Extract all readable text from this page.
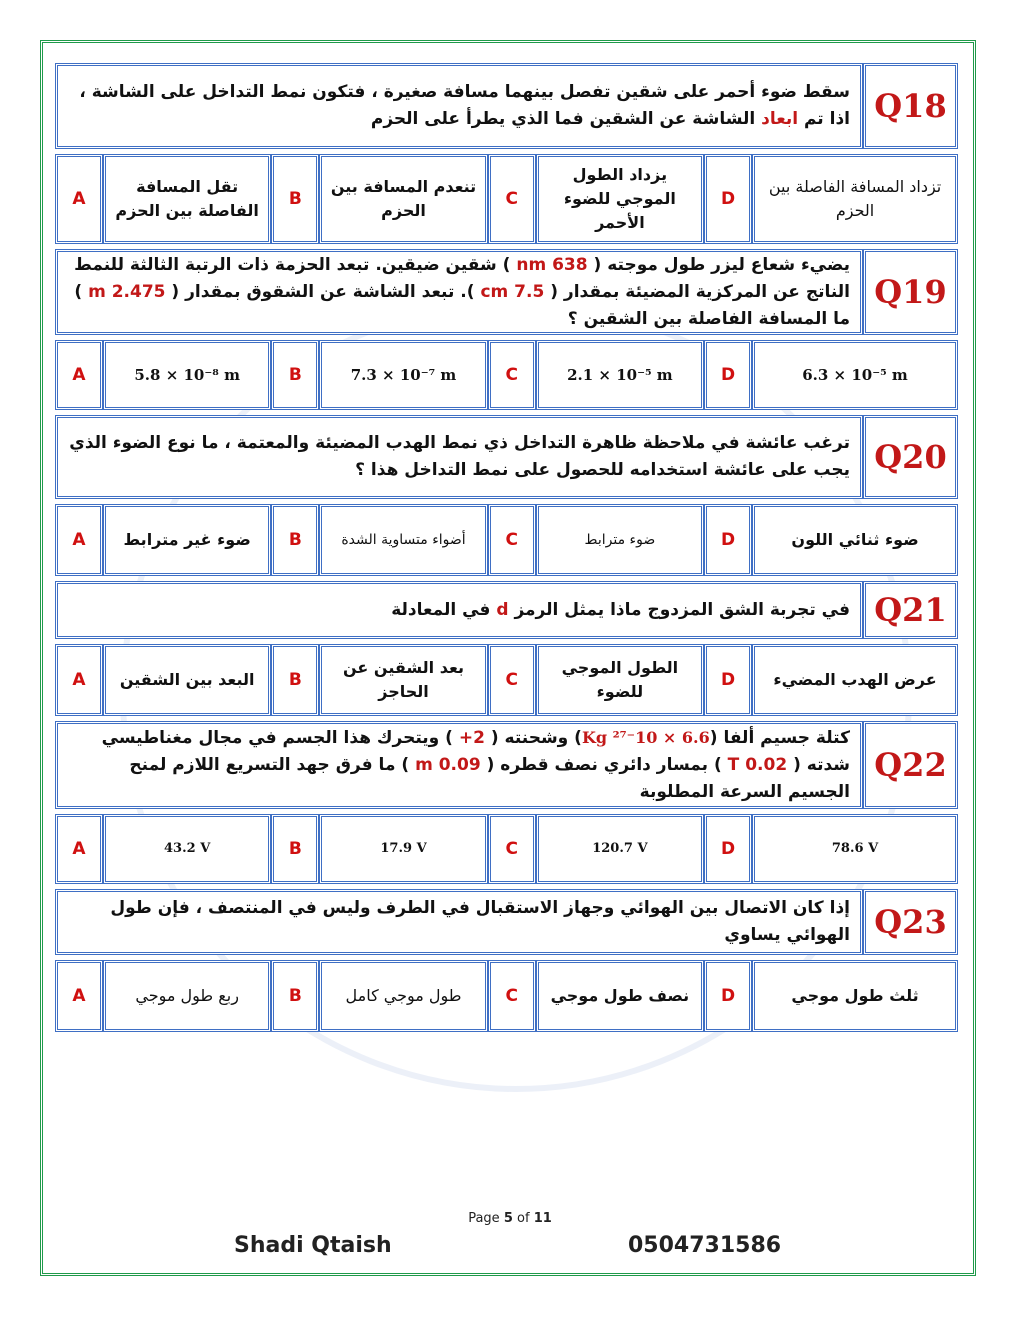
Q18
سقط ضوء أحمر على شقين تفصل بينهما مسافة صغيرة ، فتكون نمط التداخل على الشاشة ، اذا تم ابعاد الشاشة عن الشقين فما الذي يطرأ على الحزم
تزداد المسافة الفاصلة بين الحزم
D
يزداد الطول الموجي للضوء الأحمر
C
تنعدم المسافة بين الحزم
B
تقل المسافة الفاصلة بين الحزم
A
Q19
يضيء شعاع ليزر طول موجته ( 638 nm ) شقين ضيقين. تبعد الحزمة ذات الرتبة الثالثة للنمط الناتج عن المركزية المضيئة بمقدار ( 7.5 cm ). تبعد الشاشة عن الشقوق بمقدار ( 2.475 m ) ما المسافة الفاصلة بين الشقين ؟
6.3 × 10⁻⁵ m
D
2.1 × 10⁻⁵ m
C
7.3 × 10⁻⁷ m
B
5.8 × 10⁻⁸ m
A
Q20
ترغب عائشة في ملاحظة ظاهرة التداخل ذي نمط الهدب المضيئة والمعتمة ، ما نوع الضوء الذي يجب على عائشة استخدامه للحصول على نمط التداخل هذا ؟
ضوء ثنائي اللون
D
ضوء مترابط
C
أضواء متساوية الشدة
B
ضوء غير مترابط
A
Q21
في تجربة الشق المزدوج ماذا يمثل الرمز d في المعادلة
عرض الهدب المضيء
D
الطول الموجي للضوء
C
بعد الشقين عن الحاجز
B
البعد بين الشقين
A
Q22
كتلة جسيم ألفا (6.6 × 10⁻²⁷ Kg) وشحنته ( 2+ ) ويتحرك هذا الجسم في مجال مغناطيسي شدته ( 0.02 T ) بمسار دائري نصف قطره ( 0.09 m ) ما فرق جهد التسريع اللازم لمنح الجسيم السرعة المطلوبة
78.6 V
D
120.7 V
C
17.9 V
B
43.2 V
A
Q23
إذا كان الاتصال بين الهوائي وجهاز الاستقبال في الطرف وليس في المنتصف ، فإن طول الهوائي يساوي
ثلث طول موجي
D
نصف طول موجي
C
طول موجي كامل
B
ربع طول موجي
A
Page 5 of 11
Shadi Qtaish	0504731586
